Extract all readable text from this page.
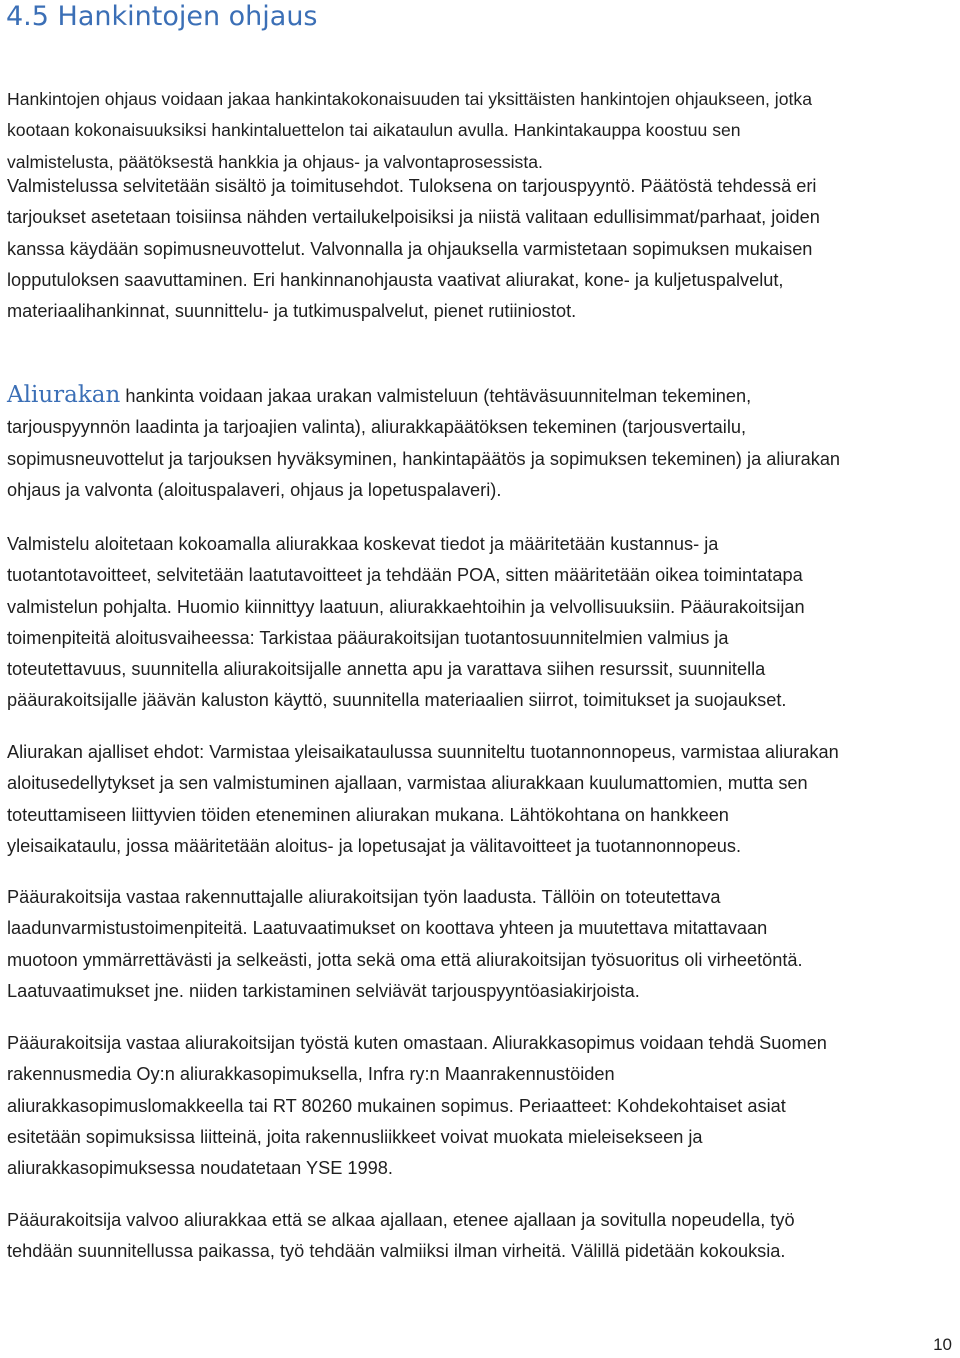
4.5 Hankintojen ohjaus

Hankintojen ohjaus voidaan jakaa hankintakokonaisuuden tai yksittäisten hankintojen ohjaukseen, jotka
kootaan kokonaisuuksiksi hankintaluettelon tai aikataulun avulla. Hankintakauppa koostuu sen
valmistelusta, päätöksestä hankkia ja ohjaus- ja valvontaprosessista.

Valmistelussa selvitetään sisältö ja toimitusehdot. Tuloksena on tarjouspyyntö. Päätöstä tehdessä eri
tarjoukset asetetaan toisiinsa nähden vertailukelpoisiksi ja niistä valitaan edullisimmat/parhaat, joiden
kanssa käydään sopimusneuvottelut. Valvonnalla ja ohjauksella varmistetaan sopimuksen mukaisen
lopputuloksen saavuttaminen. Eri hankinnanohjausta vaativat aliurakat, kone- ja kuljetuspalvelut,
materiaalihankinnat, suunnittelu- ja tutkimuspalvelut, pienet rutiiniostot.

Aliurakan hankinta voidaan jakaa urakan valmisteluun (tehtäväsuunnitelman tekeminen,
tarjouspyynnön laadinta ja tarjoajien valinta), aliurakkapäätöksen tekeminen (tarjousvertailu,
sopimusneuvottelut ja tarjouksen hyväksyminen, hankintapäätös ja sopimuksen tekeminen) ja aliurakan
ohjaus ja valvonta (aloituspalaveri, ohjaus ja lopetuspalaveri).

Valmistelu aloitetaan kokoamalla aliurakkaa koskevat tiedot ja määritetään kustannus- ja
tuotantotavoitteet, selvitetään laatutavoitteet ja tehdään POA, sitten määritetään oikea toimintatapa
valmistelun pohjalta. Huomio kiinnittyy laatuun, aliurakkaehtoihin ja velvollisuuksiin. Pääurakoitsijan
toimenpiteitä aloitusvaiheessa: Tarkistaa pääurakoitsijan tuotantosuunnitelmien valmius ja
toteutettavuus, suunnitella aliurakoitsijalle annetta apu ja varattava siihen resurssit, suunnitella
pääurakoitsijalle jäävän kaluston käyttö, suunnitella materiaalien siirrot, toimitukset ja suojaukset.

Aliurakan ajalliset ehdot: Varmistaa yleisaikataulussa suunniteltu tuotannonnopeus, varmistaa aliurakan
aloitusedellytykset ja sen valmistuminen ajallaan, varmistaa aliurakkaan kuulumattomien, mutta sen
toteuttamiseen liittyvien töiden eteneminen aliurakan mukana. Lähtökohtana on hankkeen
yleisaikataulu, jossa määritetään aloitus- ja lopetusajat ja välitavoitteet ja tuotannonnopeus.

Pääurakoitsija vastaa rakennuttajalle aliurakoitsijan työn laadusta. Tällöin on toteutettava
laadunvarmistustoimenpiteitä. Laatuvaatimukset on koottava yhteen ja muutettava mitattavaan
muotoon ymmärrettävästi ja selkeästi, jotta sekä oma että aliurakoitsijan työsuoritus oli virheetöntä.
Laatuvaatimukset jne. niiden tarkistaminen selviävät tarjouspyyntöasiakirjoista.

Pääurakoitsija vastaa aliurakoitsijan työstä kuten omastaan. Aliurakkasopimus voidaan tehdä Suomen
rakennusmedia Oy:n aliurakkasopimuksella, Infra ry:n Maanrakennustöiden
aliurakkasopimuslomakkeella tai RT 80260 mukainen sopimus. Periaatteet: Kohdekohtaiset asiat
esitetään sopimuksissa liitteinä, joita rakennusliikkeet voivat muokata mieleisekseen ja
aliurakkasopimuksessa noudatetaan YSE 1998.

Pääurakoitsija valvoo aliurakkaa että se alkaa ajallaan, etenee ajallaan ja sovitulla nopeudella, työ
tehdään suunnitellussa paikassa, työ tehdään valmiiksi ilman virheitä. Välillä pidetään kokouksia.

10
